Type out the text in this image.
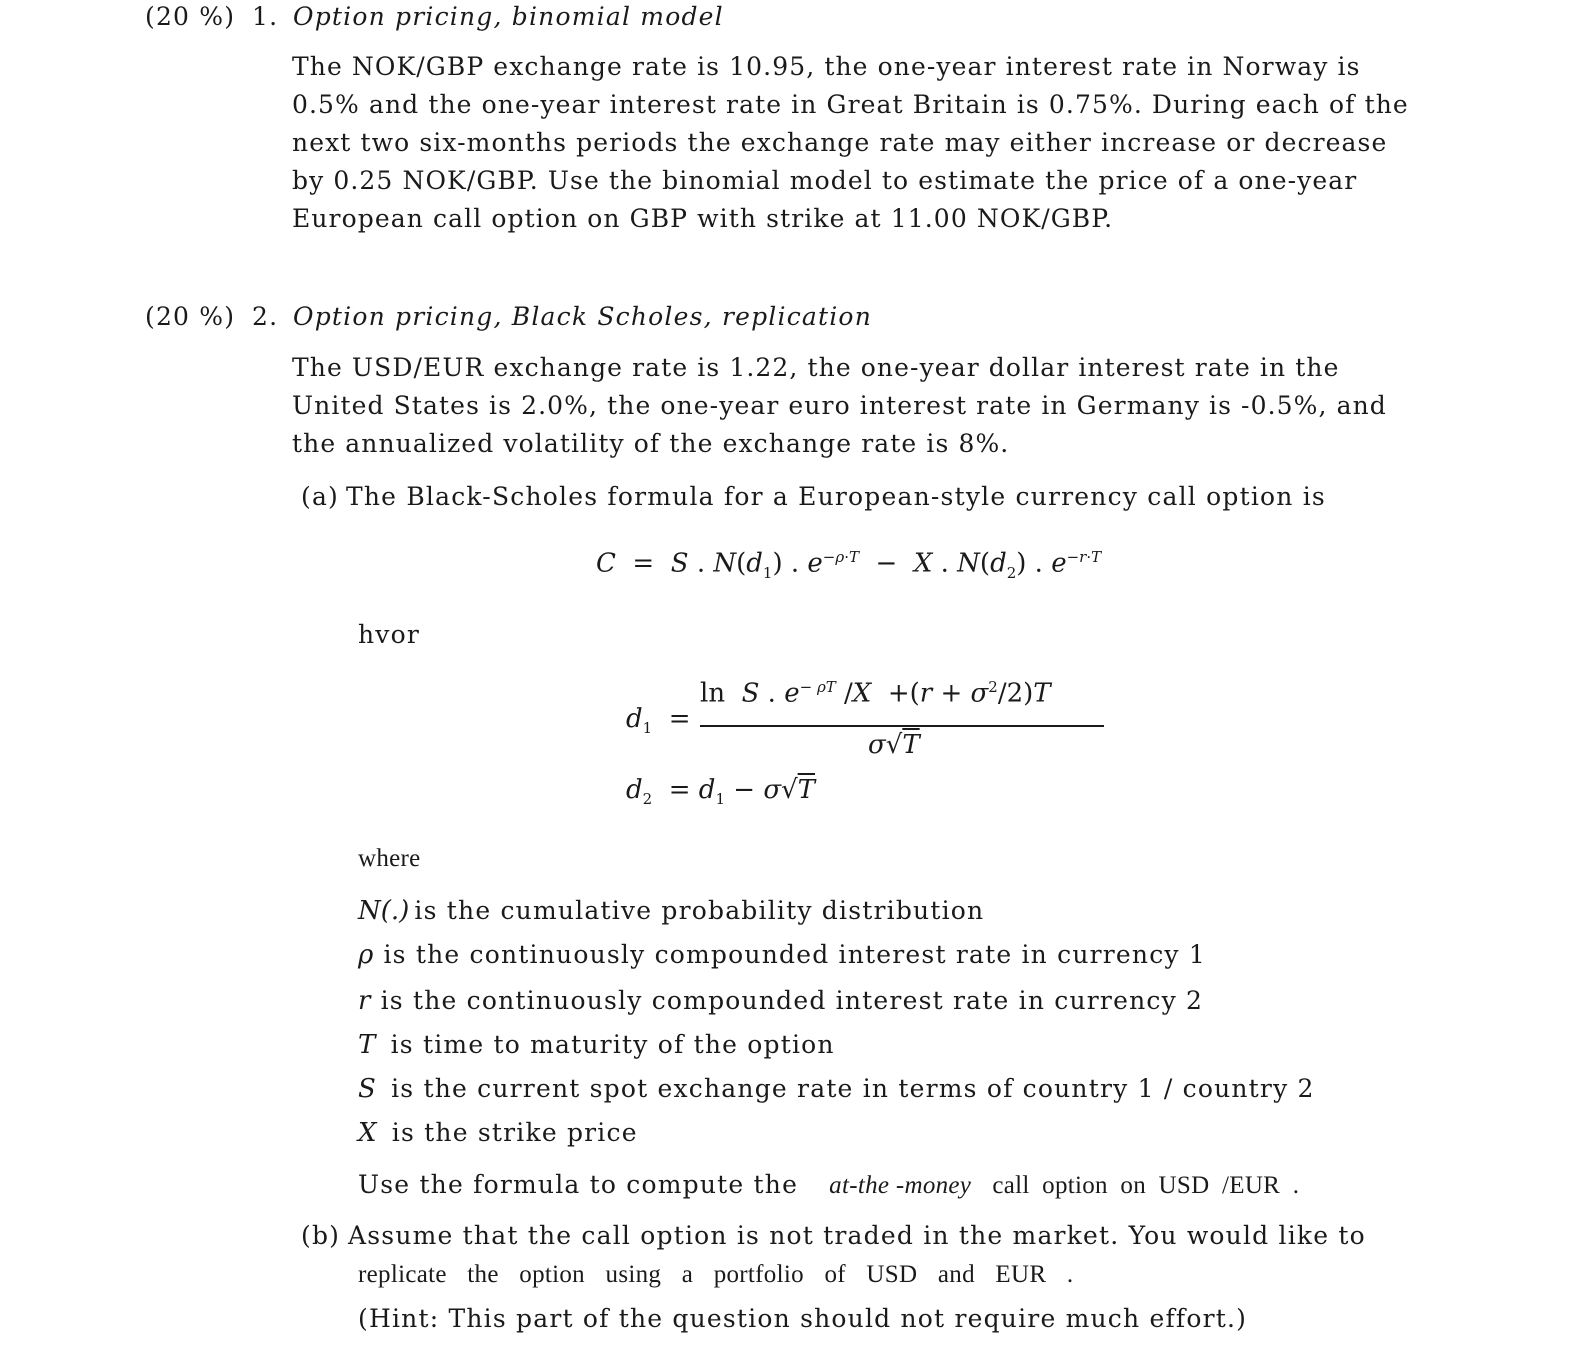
(20 %) 1. Option pricing, binomial model
The NOK/GBP exchange rate is 10.95, the one-year interest rate in Norway is
0.5% and the one-year interest rate in Great Britain is 0.75%. During each of the
next two six-months periods the exchange rate may either increase or decrease
by 0.25 NOK/GBP. Use the binomial model to estimate the price of a one-year
European call option on GBP with strike at 11.00 NOK/GBP.
(20 %) 2. Option pricing, Black Scholes, replication
The USD/EUR exchange rate is 1.22, the one-year dollar interest rate in the
United States is 2.0%, the one-year euro interest rate in Germany is -0.5%, and
the annualized volatility of the exchange rate is 8%.
(a) The Black-Scholes formula for a European-style currency call option is
C  =  S . $N(d_1)$ . $e^{-\rho\cdot T} - X$ . $N(d_2)$ . $e^{-r\cdot T}$
hvor
$d_1$  =
ln  S . $e^{- \rho T}$ $/X +(r + \sigma^2/2)T$
σ√T
$d_2 = d_1 - \sigma√T$
where
N(.) is the cumulative probability distribution
ρ is the continuously compounded interest rate in currency 1
r is the continuously compounded interest rate in currency 2
T is time to maturity of the option
S is the current spot exchange rate in terms of country 1 / country 2
X is the strike price
Use the formula to compute the at-the -money call option on USD /EUR .
(b) Assume that the call option is not traded in the market. You would like to
replicate the option using a portfolio of USD and EUR .
(Hint: This part of the question should not require much effort.)
